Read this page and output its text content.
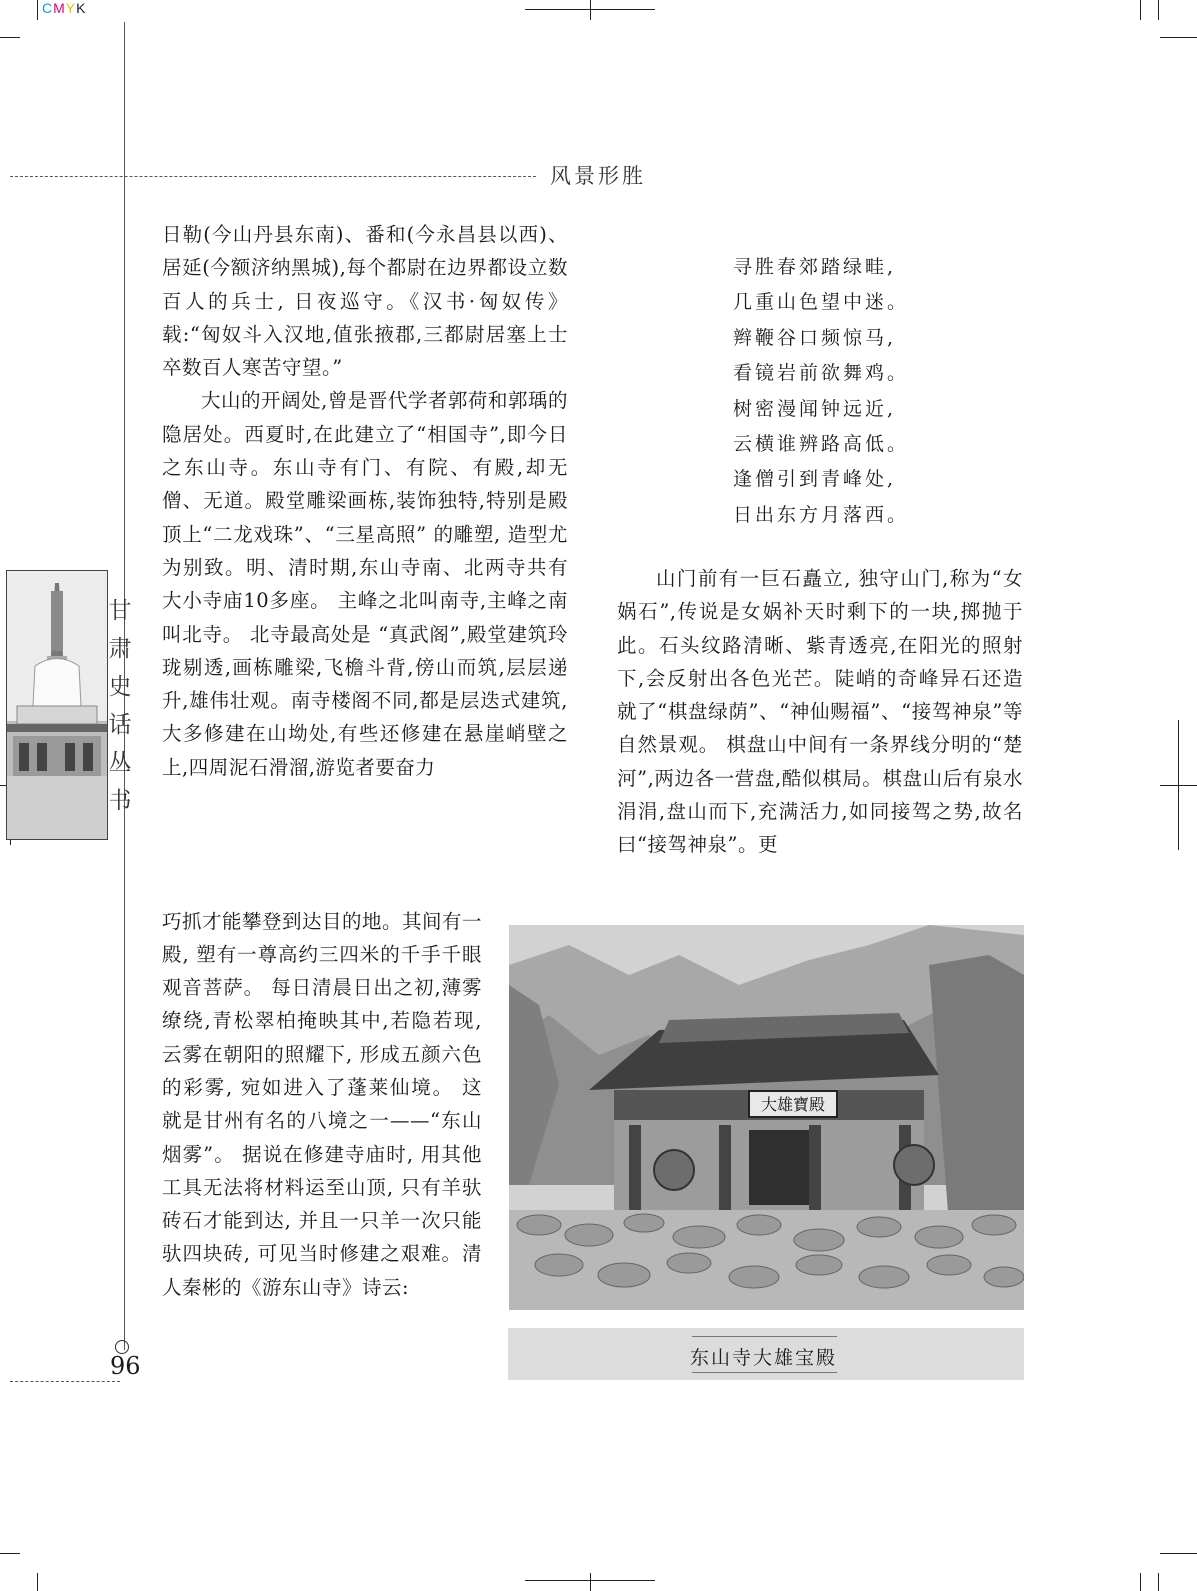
CMYK
风景形胜
甘
肃
史
话
丛
书

日勒(今山丹县东南)、番和(今永昌县以西)、居延(今额济纳黑城),每个都尉在边界都设立数百人的兵士, 日夜巡守。《汉书·匈奴传》载:“匈奴斗入汉地,值张掖郡,三都尉居塞上士卒数百人寒苦守望。”

大山的开阔处,曾是晋代学者郭荷和郭瑀的隐居处。西夏时,在此建立了“相国寺”,即今日之东山寺。东山寺有门、有院、有殿,却无僧、无道。殿堂雕梁画栋,装饰独特,特别是殿顶上“二龙戏珠”、“三星高照” 的雕塑, 造型尤为别致。明、清时期,东山寺南、北两寺共有大小寺庙10多座。 主峰之北叫南寺,主峰之南叫北寺。 北寺最高处是 “真武阁”,殿堂建筑玲珑剔透,画栋雕梁,飞檐斗背,傍山而筑,层层递升,雄伟壮观。南寺楼阁不同,都是层迭式建筑,大多修建在山坳处,有些还修建在悬崖峭壁之上,四周泥石滑溜,游览者要奋力

巧抓才能攀登到达目的地。其间有一殿, 塑有一尊高约三四米的千手千眼观音菩萨。 每日清晨日出之初,薄雾缭绕,青松翠柏掩映其中,若隐若现,云雾在朝阳的照耀下, 形成五颜六色的彩雾, 宛如进入了蓬莱仙境。 这就是甘州有名的八境之一——“东山烟雾”。 据说在修建寺庙时, 用其他工具无法将材料运至山顶, 只有羊驮砖石才能到达, 并且一只羊一次只能驮四块砖, 可见当时修建之艰难。清人秦彬的《游东山寺》诗云:

寻胜春郊踏绿畦,
几重山色望中迷。
辫鞭谷口频惊马,
看镜岩前欲舞鸡。
树密漫闻钟远近,
云横谁辨路高低。
逢僧引到青峰处,
日出东方月落西。

山门前有一巨石矗立, 独守山门,称为“女娲石”,传说是女娲补天时剩下的一块,掷抛于此。石头纹路清晰、紫青透亮,在阳光的照射下,会反射出各色光芒。陡峭的奇峰异石还造就了“棋盘绿荫”、“神仙赐福”、“接驾神泉”等自然景观。 棋盘山中间有一条界线分明的“楚河”,两边各一营盘,酷似棋局。棋盘山后有泉水涓涓,盘山而下,充满活力,如同接驾之势,故名曰“接驾神泉”。更

大雄寶殿
东山寺大雄宝殿
96
